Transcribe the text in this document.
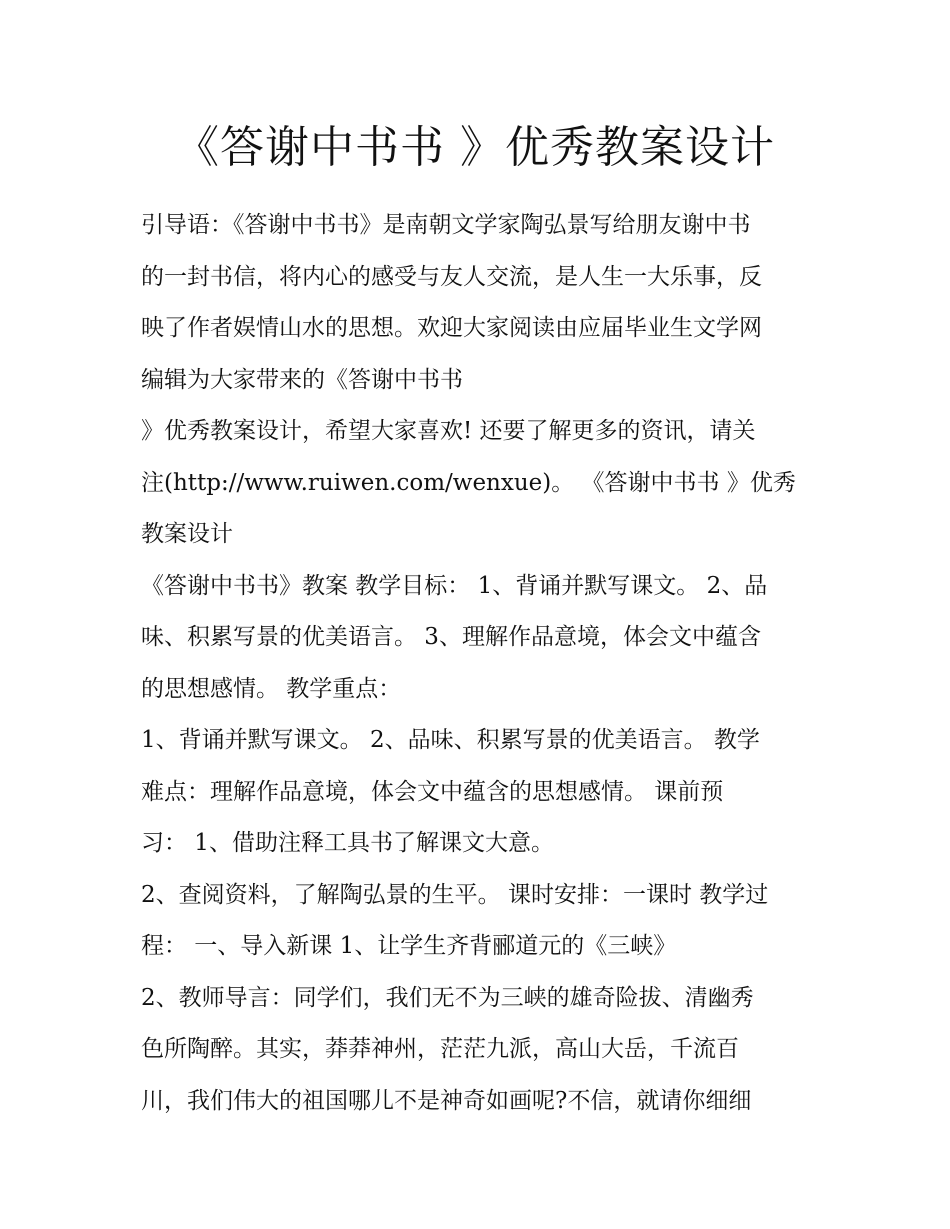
《答谢中书书 》优秀教案设计
引导语：《答谢中书书》是南朝文学家陶弘景写给朋友谢中书
的一封书信，将内心的感受与友人交流，是人生一大乐事，反
映了作者娱情山水的思想。欢迎大家阅读由应届毕业生文学网
编辑为大家带来的《答谢中书书
》优秀教案设计，希望大家喜欢! 还要了解更多的资讯，请关
注(http://www.ruiwen.com/wenxue)。 《答谢中书书 》优秀
教案设计
《答谢中书书》教案 教学目标： 1、背诵并默写课文。 2、品
味、积累写景的优美语言。 3、理解作品意境，体会文中蕴含
的思想感情。 教学重点：
1、背诵并默写课文。 2、品味、积累写景的优美语言。 教学
难点：理解作品意境，体会文中蕴含的思想感情。 课前预
习： 1、借助注释工具书了解课文大意。
2、查阅资料，了解陶弘景的生平。 课时安排：一课时 教学过
程： 一、导入新课 1、让学生齐背郦道元的《三峡》
2、教师导言：同学们，我们无不为三峡的雄奇险拔、清幽秀
色所陶醉。其实，莽莽神州，茫茫九派，高山大岳，千流百
川，我们伟大的祖国哪儿不是神奇如画呢?不信，就请你细细
